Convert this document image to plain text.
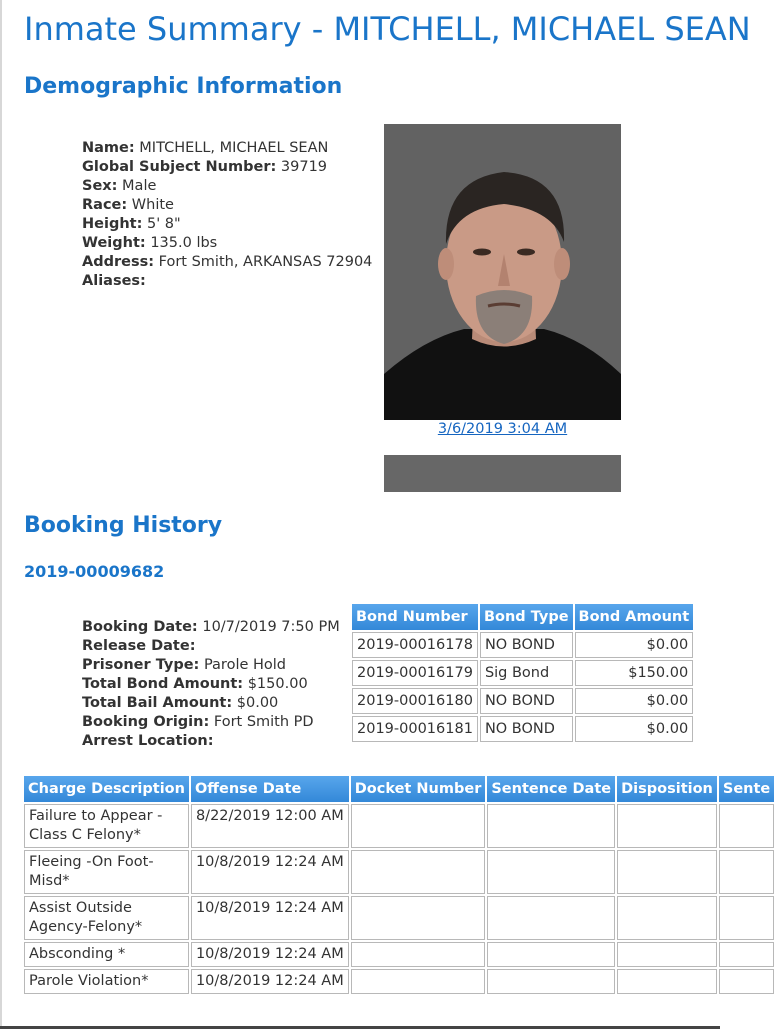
Inmate Summary - MITCHELL, MICHAEL SEAN
Demographic Information
Name: MITCHELL, MICHAEL SEAN
Global Subject Number: 39719
Sex: Male
Race: White
Height: 5' 8"
Weight: 135.0 lbs
Address: Fort Smith, ARKANSAS 72904
Aliases:
3/6/2019 3:04 AM
Booking History
2019-00009682
Booking Date: 10/7/2019 7:50 PM
Release Date:
Prisoner Type: Parole Hold
Total Bond Amount: $150.00
Total Bail Amount: $0.00
Booking Origin: Fort Smith PD
Arrest Location:
Bond Number	Bond Type	Bond Amount
2019-00016178	NO BOND	$0.00
2019-00016179	Sig Bond	$150.00
2019-00016180	NO BOND	$0.00
2019-00016181	NO BOND	$0.00
Charge Description	Offense Date	Docket Number	Sentence Date	Disposition	Sente
Failure to Appear - Class C Felony*	8/22/2019 12:00 AM				
Fleeing -On Foot-Misd*	10/8/2019 12:24 AM				
Assist Outside Agency-Felony*	10/8/2019 12:24 AM				
Absconding *	10/8/2019 12:24 AM				
Parole Violation*	10/8/2019 12:24 AM				
